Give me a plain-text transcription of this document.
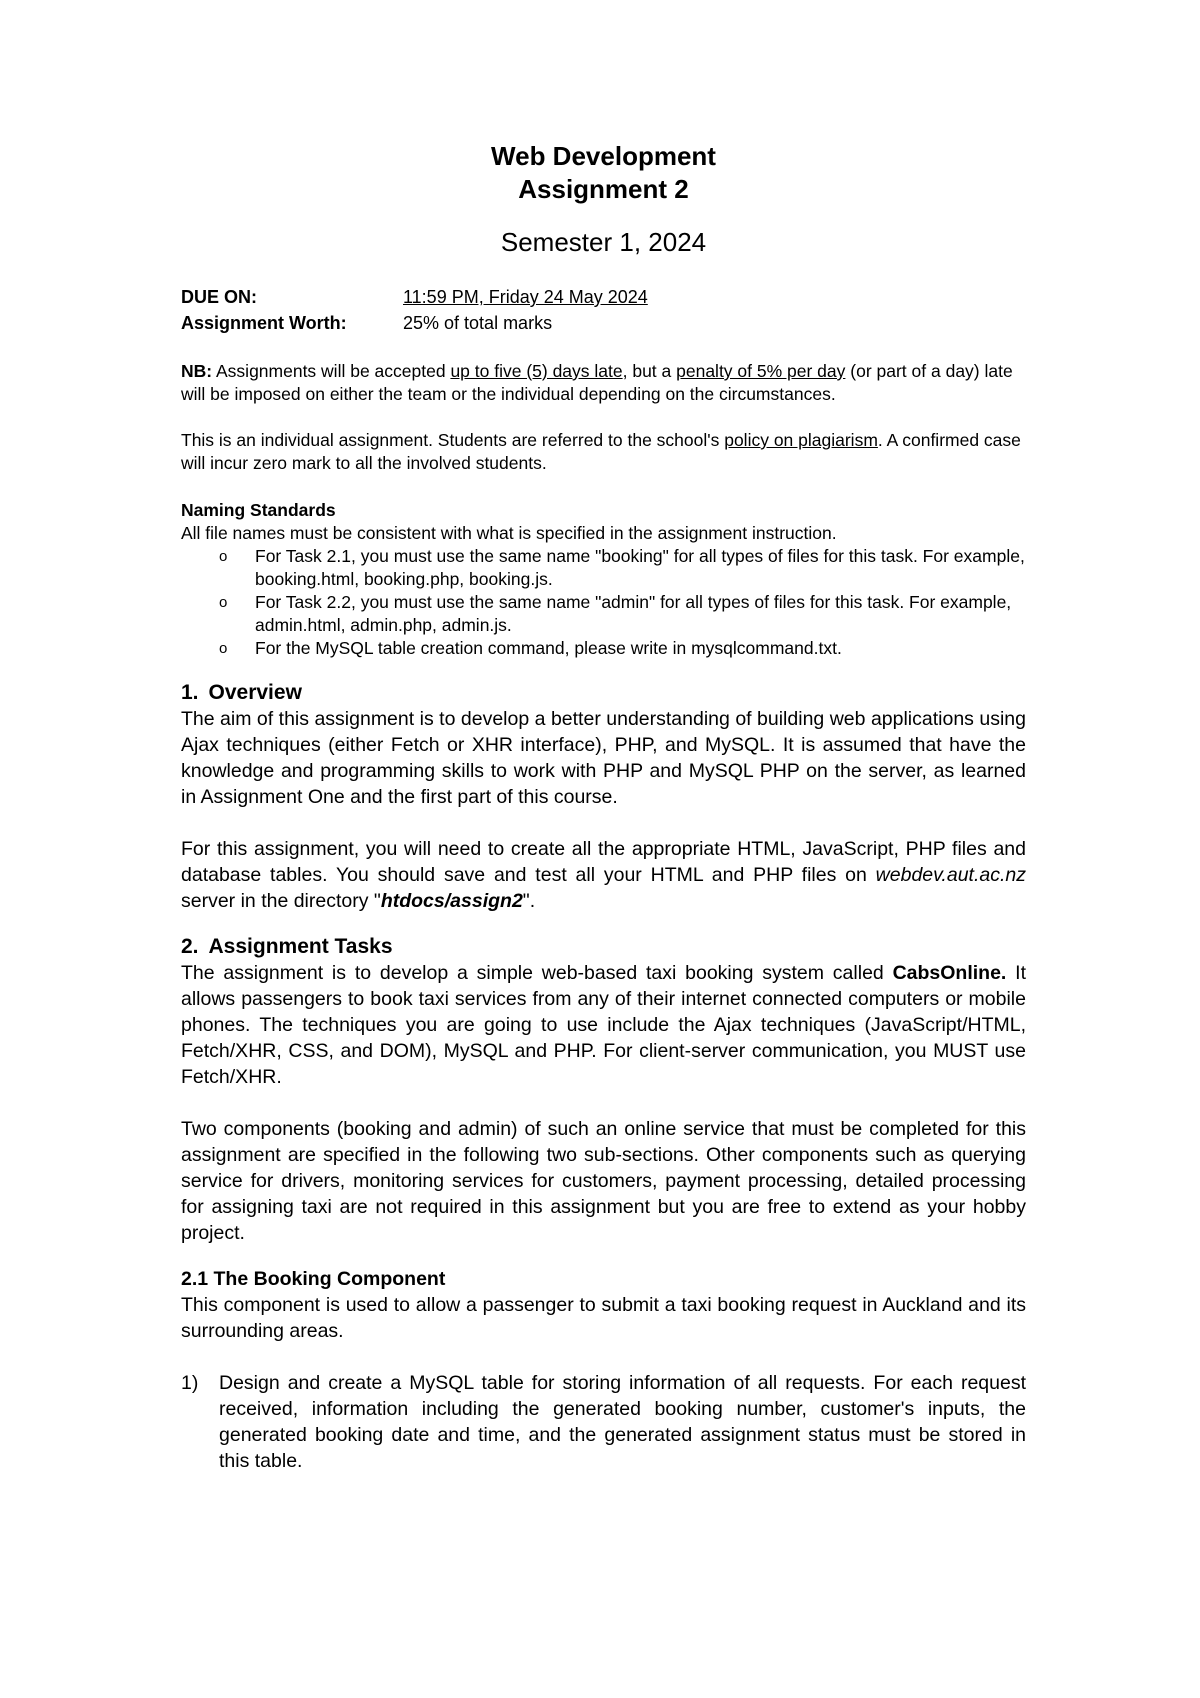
Web Development
Assignment 2
Semester 1, 2024
DUE ON:	11:59 PM, Friday 24 May 2024
Assignment Worth:	25% of total marks

NB: Assignments will be accepted up to five (5) days late, but a penalty of 5% per day (or part of a day) late will be imposed on either the team or the individual depending on the circumstances.

This is an individual assignment. Students are referred to the school's policy on plagiarism. A confirmed case will incur zero mark to all the involved students.

Naming Standards
All file names must be consistent with what is specified in the assignment instruction.
o For Task 2.1, you must use the same name "booking" for all types of files for this task. For example, booking.html, booking.php, booking.js.
o For Task 2.2, you must use the same name "admin" for all types of files for this task. For example, admin.html, admin.php, admin.js.
o For the MySQL table creation command, please write in mysqlcommand.txt.
1. Overview
The aim of this assignment is to develop a better understanding of building web applications using Ajax techniques (either Fetch or XHR interface), PHP, and MySQL. It is assumed that have the knowledge and programming skills to work with PHP and MySQL PHP on the server, as learned in Assignment One and the first part of this course.
For this assignment, you will need to create all the appropriate HTML, JavaScript, PHP files and database tables. You should save and test all your HTML and PHP files on webdev.aut.ac.nz server in the directory "htdocs/assign2".
2. Assignment Tasks
The assignment is to develop a simple web-based taxi booking system called CabsOnline. It allows passengers to book taxi services from any of their internet connected computers or mobile phones. The techniques you are going to use include the Ajax techniques (JavaScript/HTML, Fetch/XHR, CSS, and DOM), MySQL and PHP. For client-server communication, you MUST use Fetch/XHR.
Two components (booking and admin) of such an online service that must be completed for this assignment are specified in the following two sub-sections. Other components such as querying service for drivers, monitoring services for customers, payment processing, detailed processing for assigning taxi are not required in this assignment but you are free to extend as your hobby project.
2.1 The Booking Component
This component is used to allow a passenger to submit a taxi booking request in Auckland and its surrounding areas.
1) Design and create a MySQL table for storing information of all requests. For each request received, information including the generated booking number, customer's inputs, the generated booking date and time, and the generated assignment status must be stored in this table.
